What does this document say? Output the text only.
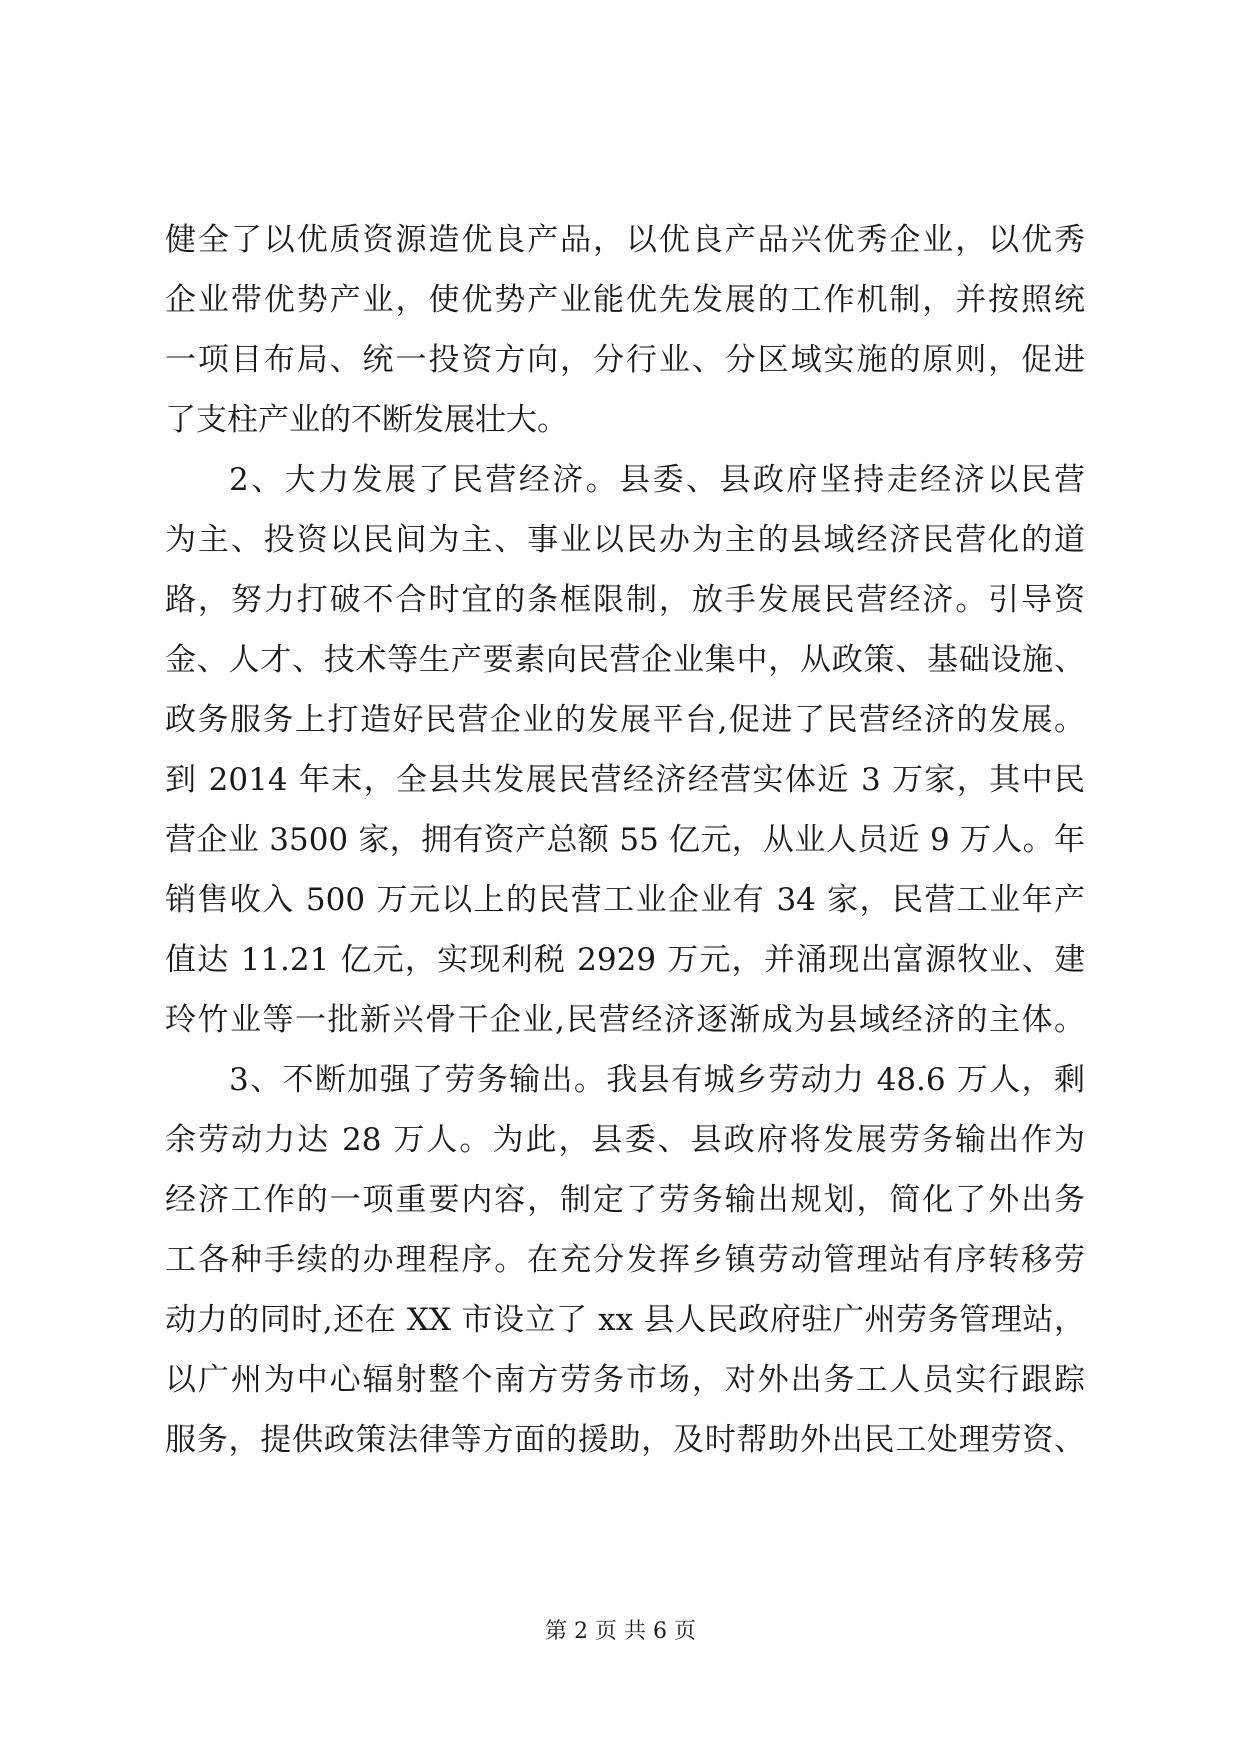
健全了以优质资源造优良产品，以优良产品兴优秀企业，以优秀
企业带优势产业，使优势产业能优先发展的工作机制，并按照统
一项目布局、统一投资方向，分行业、分区域实施的原则，促进
了支柱产业的不断发展壮大。
2、大力发展了民营经济。县委、县政府坚持走经济以民营
为主、投资以民间为主、事业以民办为主的县域经济民营化的道
路，努力打破不合时宜的条框限制，放手发展民营经济。引导资
金、人才、技术等生产要素向民营企业集中，从政策、基础设施、
政务服务上打造好民营企业的发展平台,促进了民营经济的发展。
到 2014 年末，全县共发展民营经济经营实体近 3 万家，其中民
营企业 3500 家，拥有资产总额 55 亿元，从业人员近 9 万人。年
销售收入 500 万元以上的民营工业企业有 34 家，民营工业年产
值达 11.21 亿元，实现利税 2929 万元，并涌现出富源牧业、建
玲竹业等一批新兴骨干企业,民营经济逐渐成为县域经济的主体。
3、不断加强了劳务输出。我县有城乡劳动力 48.6 万人，剩
余劳动力达 28 万人。为此，县委、县政府将发展劳务输出作为
经济工作的一项重要内容，制定了劳务输出规划，简化了外出务
工各种手续的办理程序。在充分发挥乡镇劳动管理站有序转移劳
动力的同时,还在 XX 市设立了 xx 县人民政府驻广州劳务管理站，
以广州为中心辐射整个南方劳务市场，对外出务工人员实行跟踪
服务，提供政策法律等方面的援助，及时帮助外出民工处理劳资、
第 2 页 共 6 页
